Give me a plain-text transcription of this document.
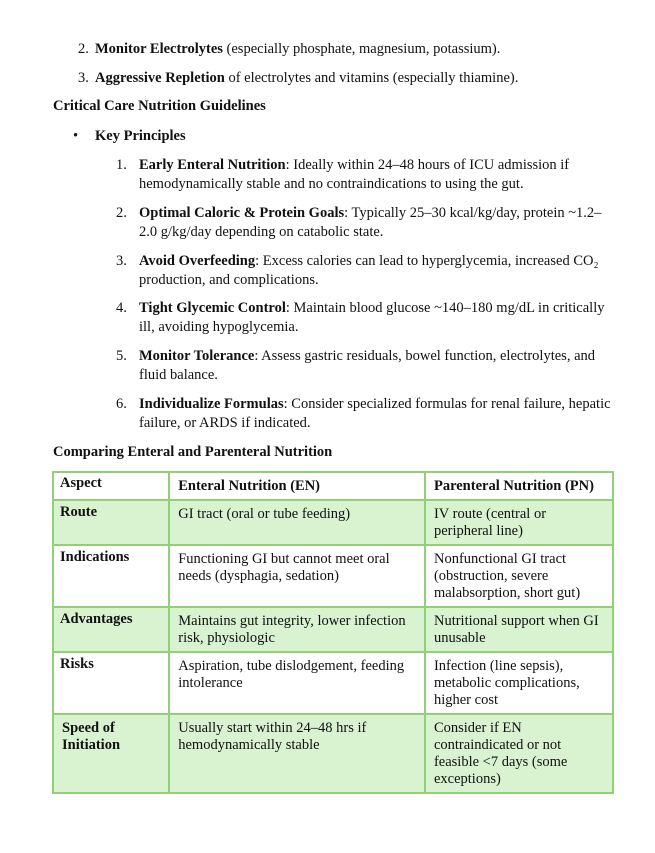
2. Monitor Electrolytes (especially phosphate, magnesium, potassium).
3. Aggressive Repletion of electrolytes and vitamins (especially thiamine).
Critical Care Nutrition Guidelines
• Key Principles
1. Early Enteral Nutrition: Ideally within 24–48 hours of ICU admission if hemodynamically stable and no contraindications to using the gut.
2. Optimal Caloric & Protein Goals: Typically 25–30 kcal/kg/day, protein ~1.2–2.0 g/kg/day depending on catabolic state.
3. Avoid Overfeeding: Excess calories can lead to hyperglycemia, increased CO₂ production, and complications.
4. Tight Glycemic Control: Maintain blood glucose ~140–180 mg/dL in critically ill, avoiding hypoglycemia.
5. Monitor Tolerance: Assess gastric residuals, bowel function, electrolytes, and fluid balance.
6. Individualize Formulas: Consider specialized formulas for renal failure, hepatic failure, or ARDS if indicated.
Comparing Enteral and Parenteral Nutrition
Aspect	Enteral Nutrition (EN)	Parenteral Nutrition (PN)

Route	GI tract (oral or tube feeding)	IV route (central or peripheral line)

Indications	Functioning GI but cannot meet oral needs (dysphagia, sedation)	Nonfunctional GI tract (obstruction, severe malabsorption, short gut)

Advantages	Maintains gut integrity, lower infection risk, physiologic	Nutritional support when GI unusable

Risks	Aspiration, tube dislodgement, feeding intolerance	Infection (line sepsis), metabolic complications, higher cost

Speed of Initiation	Usually start within 24–48 hrs if hemodynamically stable	Consider if EN contraindicated or not feasible <7 days (some exceptions)
